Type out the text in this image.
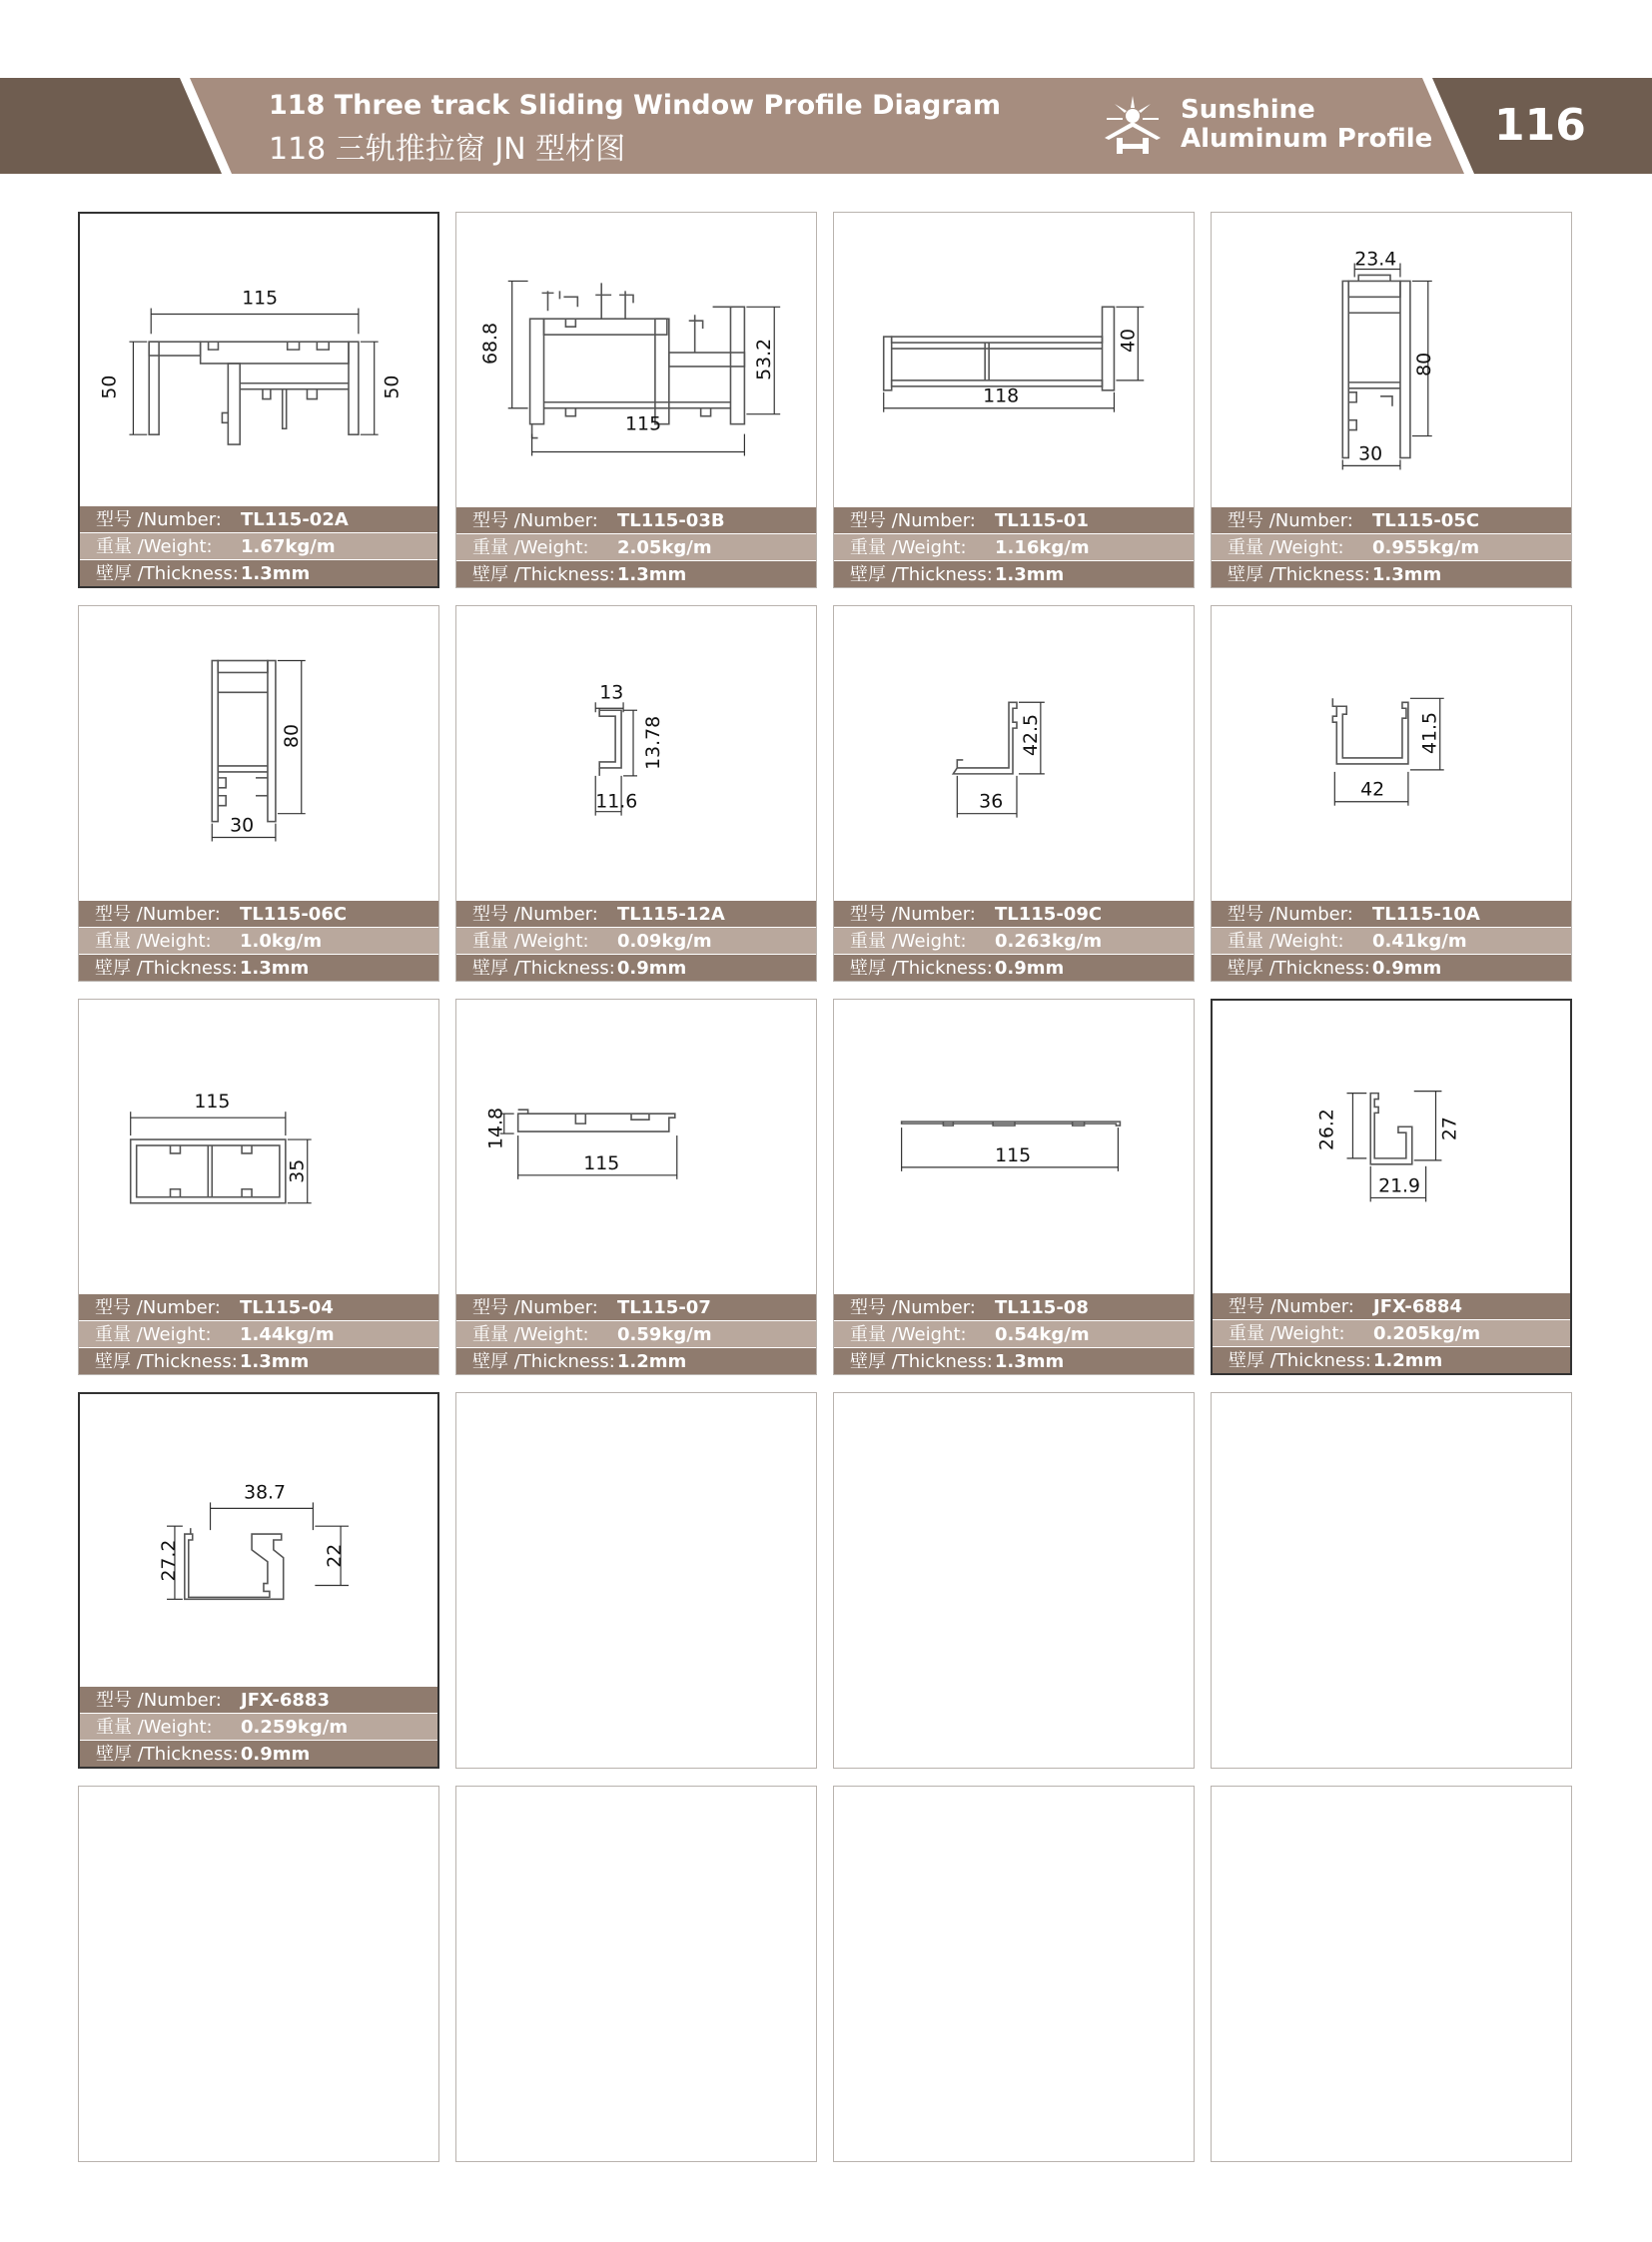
118 Three track Sliding Window Profile Diagram
118 三轨推拉窗 JN 型材图
Sunshine
Aluminum Profile 116
115
50	50
型号 /Number: TL115-02A
重量 /Weight: 1.67kg/m
壁厚 /Thickness: 1.3mm
68.8	53.2
115
型号 /Number: TL115-03B
重量 /Weight: 2.05kg/m
壁厚 /Thickness: 1.3mm
40
118
型号 /Number: TL115-01
重量 /Weight: 1.16kg/m
壁厚 /Thickness: 1.3mm
23.4
80
30
型号 /Number: TL115-05C
重量 /Weight: 0.955kg/m
壁厚 /Thickness: 1.3mm
80
30
型号 /Number: TL115-06C
重量 /Weight: 1.0kg/m
壁厚 /Thickness: 1.3mm
13
13.78
11.6
型号 /Number: TL115-12A
重量 /Weight: 0.09kg/m
壁厚 /Thickness: 0.9mm
42.5
36
型号 /Number: TL115-09C
重量 /Weight: 0.263kg/m
壁厚 /Thickness: 0.9mm
41.5
42
型号 /Number: TL115-10A
重量 /Weight: 0.41kg/m
壁厚 /Thickness: 0.9mm
115
35
型号 /Number: TL115-04
重量 /Weight: 1.44kg/m
壁厚 /Thickness: 1.3mm
14.8
115
型号 /Number: TL115-07
重量 /Weight: 0.59kg/m
壁厚 /Thickness: 1.2mm
115
型号 /Number: TL115-08
重量 /Weight: 0.54kg/m
壁厚 /Thickness: 1.3mm
26.2	27
21.9
型号 /Number: JFX-6884
重量 /Weight: 0.205kg/m
壁厚 /Thickness: 1.2mm
38.7
27.2	22
型号 /Number: JFX-6883
重量 /Weight: 0.259kg/m
壁厚 /Thickness: 0.9mm
